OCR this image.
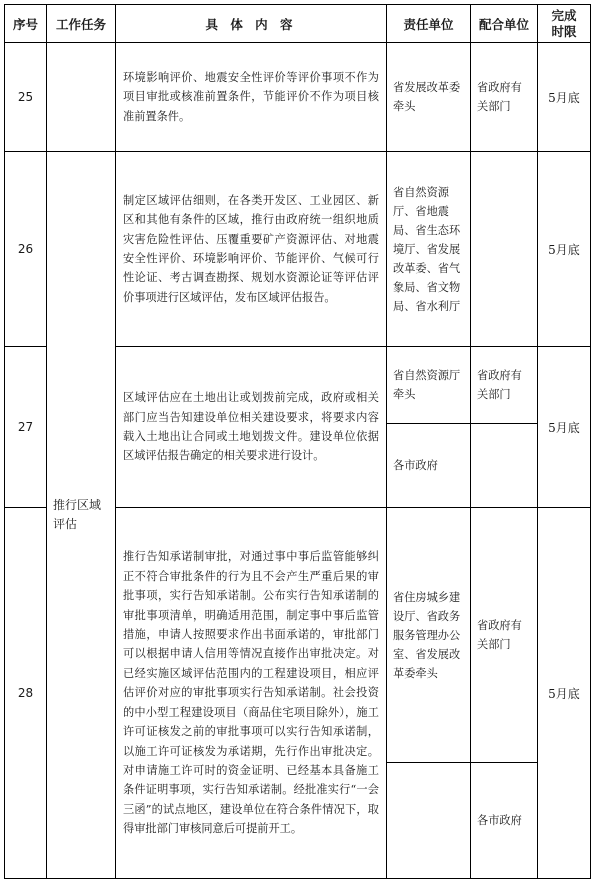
序号	工作任务	具 体 内 容	责任单位	配合单位	完成
时限	
25		环境影响评价、地震安全性评价等评价事项不作为项目审批或核准前置条件，节能评价不作为项目核准前置条件。	省发展改革委牵头	省政府有关部门	5月底	
26	推行区域评估	制定区域评估细则，在各类开发区、工业园区、新区和其他有条件的区域，推行由政府统一组织地质灾害危险性评估、压覆重要矿产资源评估、对地震安全性评价、环境影响评价、节能评价、气候可行性论证、考古调查勘探、规划水资源论证等评估评价事项进行区域评估，发布区域评估报告。	省自然资源厅、省地震局、省生态环境厅、省发展改革委、省气象局、省文物局、省水利厅		5月底	
27		区域评估应在土地出让或划拨前完成，政府或相关部门应当告知建设单位相关建设要求，将要求内容载入土地出让合同或土地划拨文件。建设单位依据区域评估报告确定的相关要求进行设计。	省自然资源厅牵头	省政府有关部门	5月底	
			各市政府			
28		推行告知承诺制审批，对通过事中事后监管能够纠正不符合审批条件的行为且不会产生严重后果的审批事项，实行告知承诺制。公布实行告知承诺制的审批事项清单，明确适用范围，制定事中事后监管措施，申请人按照要求作出书面承诺的，审批部门可以根据申请人信用等情况直接作出审批决定。对已经实施区域评估范围内的工程建设项目，相应评估评价对应的审批事项实行告知承诺制。社会投资的中小型工程建设项目（商品住宅项目除外），施工许可证核发之前的审批事项可以实行告知承诺制，以施工许可证核发为承诺期，先行作出审批决定。对申请施工许可时的资金证明、已经基本具备施工条件证明事项，实行告知承诺制。经批准实行“一会三函”的试点地区，建设单位在符合条件情况下，取得审批部门审核同意后可提前开工。	省住房城乡建设厅、省政务服务管理办公室、省发展改革委牵头	省政府有关部门	5月底	
				各市政府		
